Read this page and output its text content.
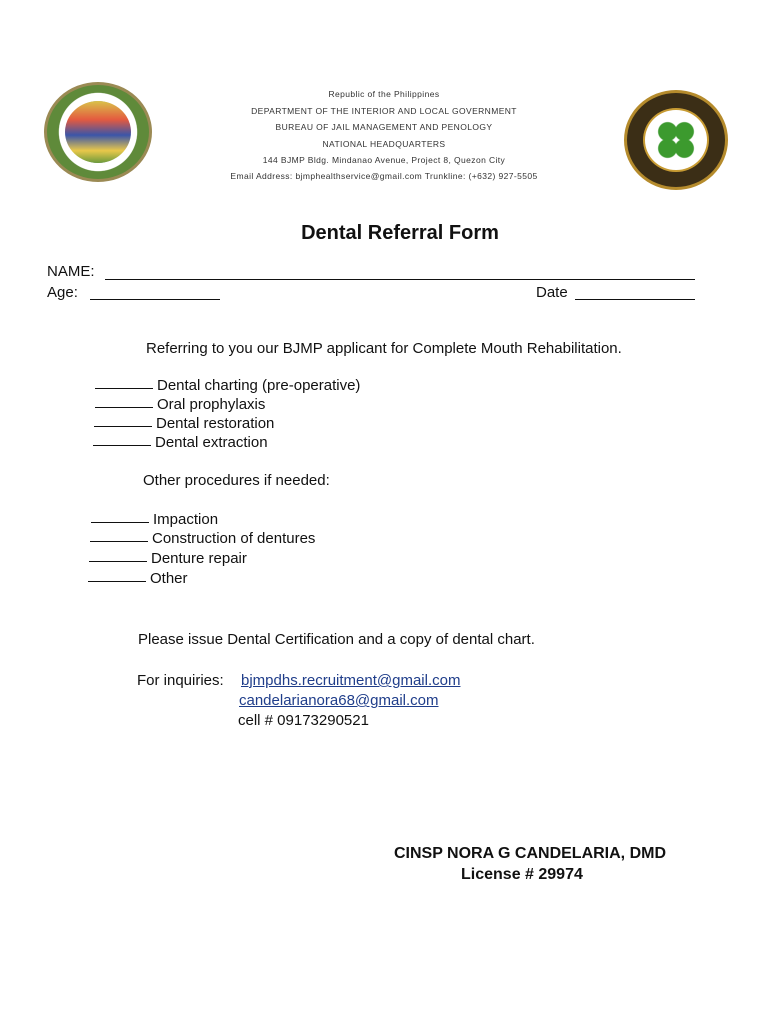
Republic of the Philippines
DEPARTMENT OF THE INTERIOR AND LOCAL GOVERNMENT
BUREAU OF JAIL MANAGEMENT AND PENOLOGY
NATIONAL HEADQUARTERS
144 BJMP Bldg. Mindanao Avenue, Project 8, Quezon City
Email Address: bjmphealthservice@gmail.com Trunkline: (+632) 927-5505
Dental Referral Form
NAME:
Age:	Date
Referring to you our BJMP applicant for Complete Mouth Rehabilitation.
Dental charting (pre-operative)
Oral prophylaxis
Dental restoration
Dental extraction
Other procedures if needed:
Impaction
Construction of dentures
Denture repair
Other
Please issue Dental Certification and a copy of dental chart.
For inquiries: bjmpdhs.recruitment@gmail.com
candelarianora68@gmail.com
cell # 09173290521
CINSP NORA G CANDELARIA, DMD
License # 29974
